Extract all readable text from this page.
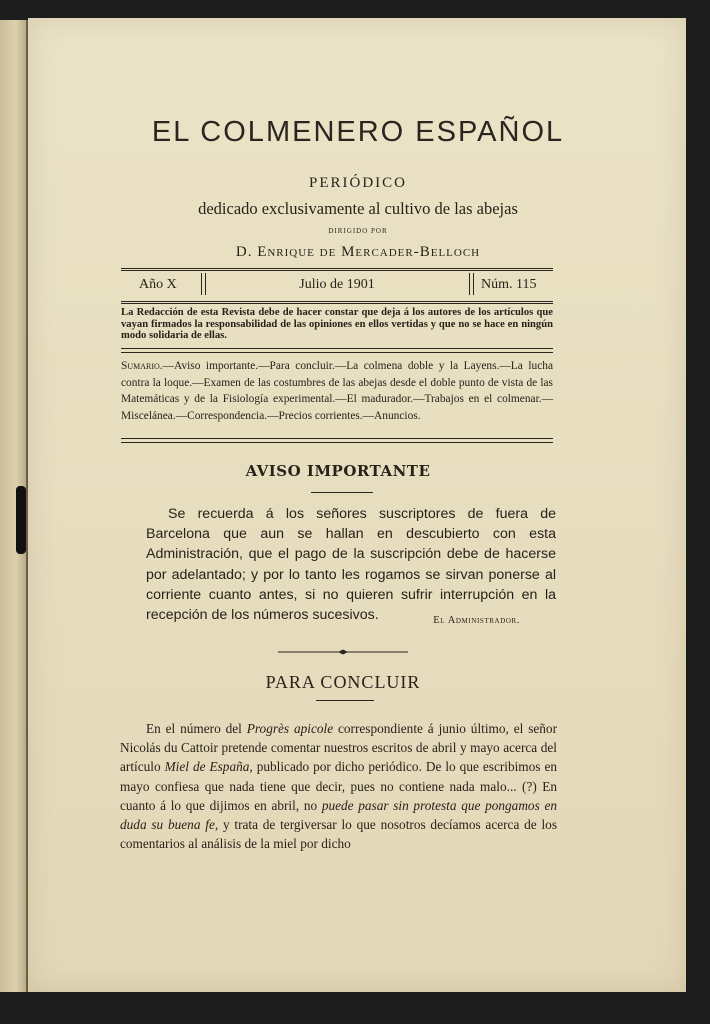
EL COLMENERO ESPAÑOL
PERIÓDICO
dedicado exclusivamente al cultivo de las abejas
DIRIGIDO POR
D. Enrique de Mercader-Belloch
Año X	Julio de 1901	Núm. 115
La Redacción de esta Revista debe de hacer constar que deja á los autores de los artículos que vayan firmados la responsabilidad de las opiniones en ellos vertidas y que no se hace en ningún modo solidaria de ellas.
Sumario.—Aviso importante.—Para concluir.—La colmena doble y la Layens.—La lucha contra la loque.—Examen de las costumbres de las abejas desde el doble punto de vista de las Matemáticas y de la Fisiología experimental.—El madurador.—Trabajos en el colmenar.—Miscelánea.—Correspondencia.—Precios corrientes.—Anuncios.
AVISO IMPORTANTE
Se recuerda á los señores suscriptores de fuera de Barcelona que aun se hallan en descubierto con esta Administración, que el pago de la suscripción debe de hacerse por adelantado; y por lo tanto les rogamos se sirvan ponerse al corriente cuanto antes, si no quieren sufrir interrupción en la recepción de los números sucesivos.	El Administrador.
PARA CONCLUIR
En el número del Progrès apicole correspondiente á junio último, el señor Nicolás du Cattoir pretende comentar nuestros escritos de abril y mayo acerca del artículo Miel de España, publicado por dicho periódico. De lo que escribimos en mayo confiesa que nada tiene que decir, pues no contiene nada malo... (?) En cuanto á lo que dijimos en abril, no puede pasar sin protesta que pongamos en duda su buena fe, y trata de tergiversar lo que nosotros decíamos acerca de los comentarios al análisis de la miel por dicho
